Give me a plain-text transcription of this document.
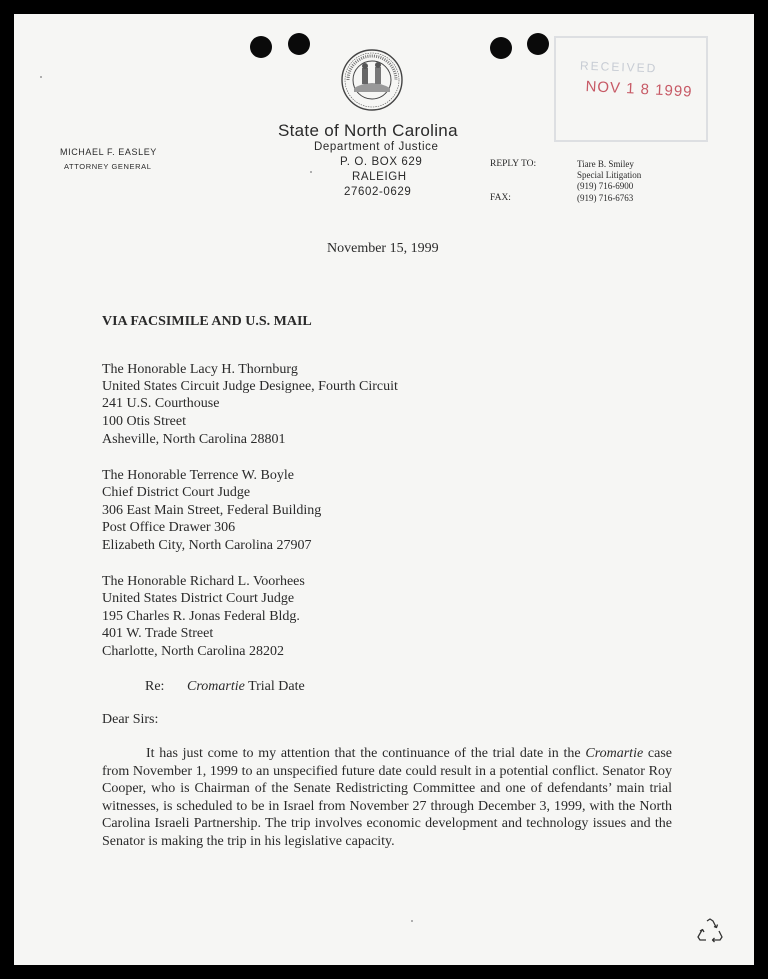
RECEIVED
NOV 1 8 1999
State of North Carolina
Department of Justice
P. O. BOX 629
RALEIGH
27602-0629
MICHAEL F. EASLEY
ATTORNEY GENERAL	REPLY TO:
FAX:
Tiare B. Smiley
Special Litigation
(919) 716-6900
(919) 716-6763
November 15, 1999
VIA FACSIMILE AND U.S. MAIL
The Honorable Lacy H. Thornburg
United States Circuit Judge Designee, Fourth Circuit
241 U.S. Courthouse
100 Otis Street
Asheville, North Carolina 28801
The Honorable Terrence W. Boyle
Chief District Court Judge
306 East Main Street, Federal Building
Post Office Drawer 306
Elizabeth City, North Carolina 27907
The Honorable Richard L. Voorhees
United States District Court Judge
195 Charles R. Jonas Federal Bldg.
401 W. Trade Street
Charlotte, North Carolina 28202
Re: Cromartie Trial Date
Dear Sirs:
It has just come to my attention that the continuance of the trial date in the Cromartie case
from November 1, 1999 to an unspecified future date could result in a potential conflict. Senator Roy
Cooper, who is Chairman of the Senate Redistricting Committee and one of defendants’ main trial
witnesses, is scheduled to be in Israel from November 27 through December 3, 1999, with the North
Carolina Israeli Partnership. The trip involves economic development and technology issues and the
Senator is making the trip in his legislative capacity.
